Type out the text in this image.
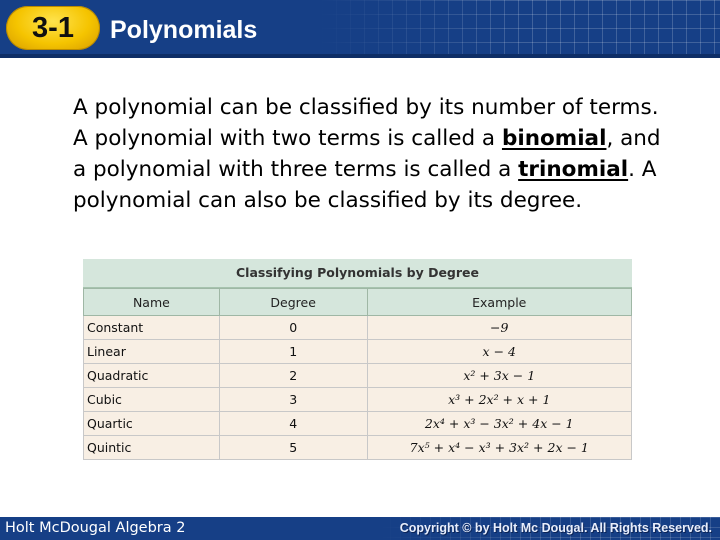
3-1	Polynomials

A polynomial can be classified by its number of terms. A polynomial with two terms is called a binomial, and a polynomial with three terms is called a trinomial. A polynomial can also be classified by its degree.

Classifying Polynomials by Degree
Name	Degree	Example
Constant	0	−9
Linear	1	x − 4
Quadratic	2	x² + 3x − 1
Cubic	3	x³ + 2x² + x + 1
Quartic	4	2x⁴ + x³ − 3x² + 4x − 1
Quintic	5	7x⁵ + x⁴ − x³ + 3x² + 2x − 1
Holt McDougal Algebra 2	Copyright © by Holt Mc Dougal. All Rights Reserved.
